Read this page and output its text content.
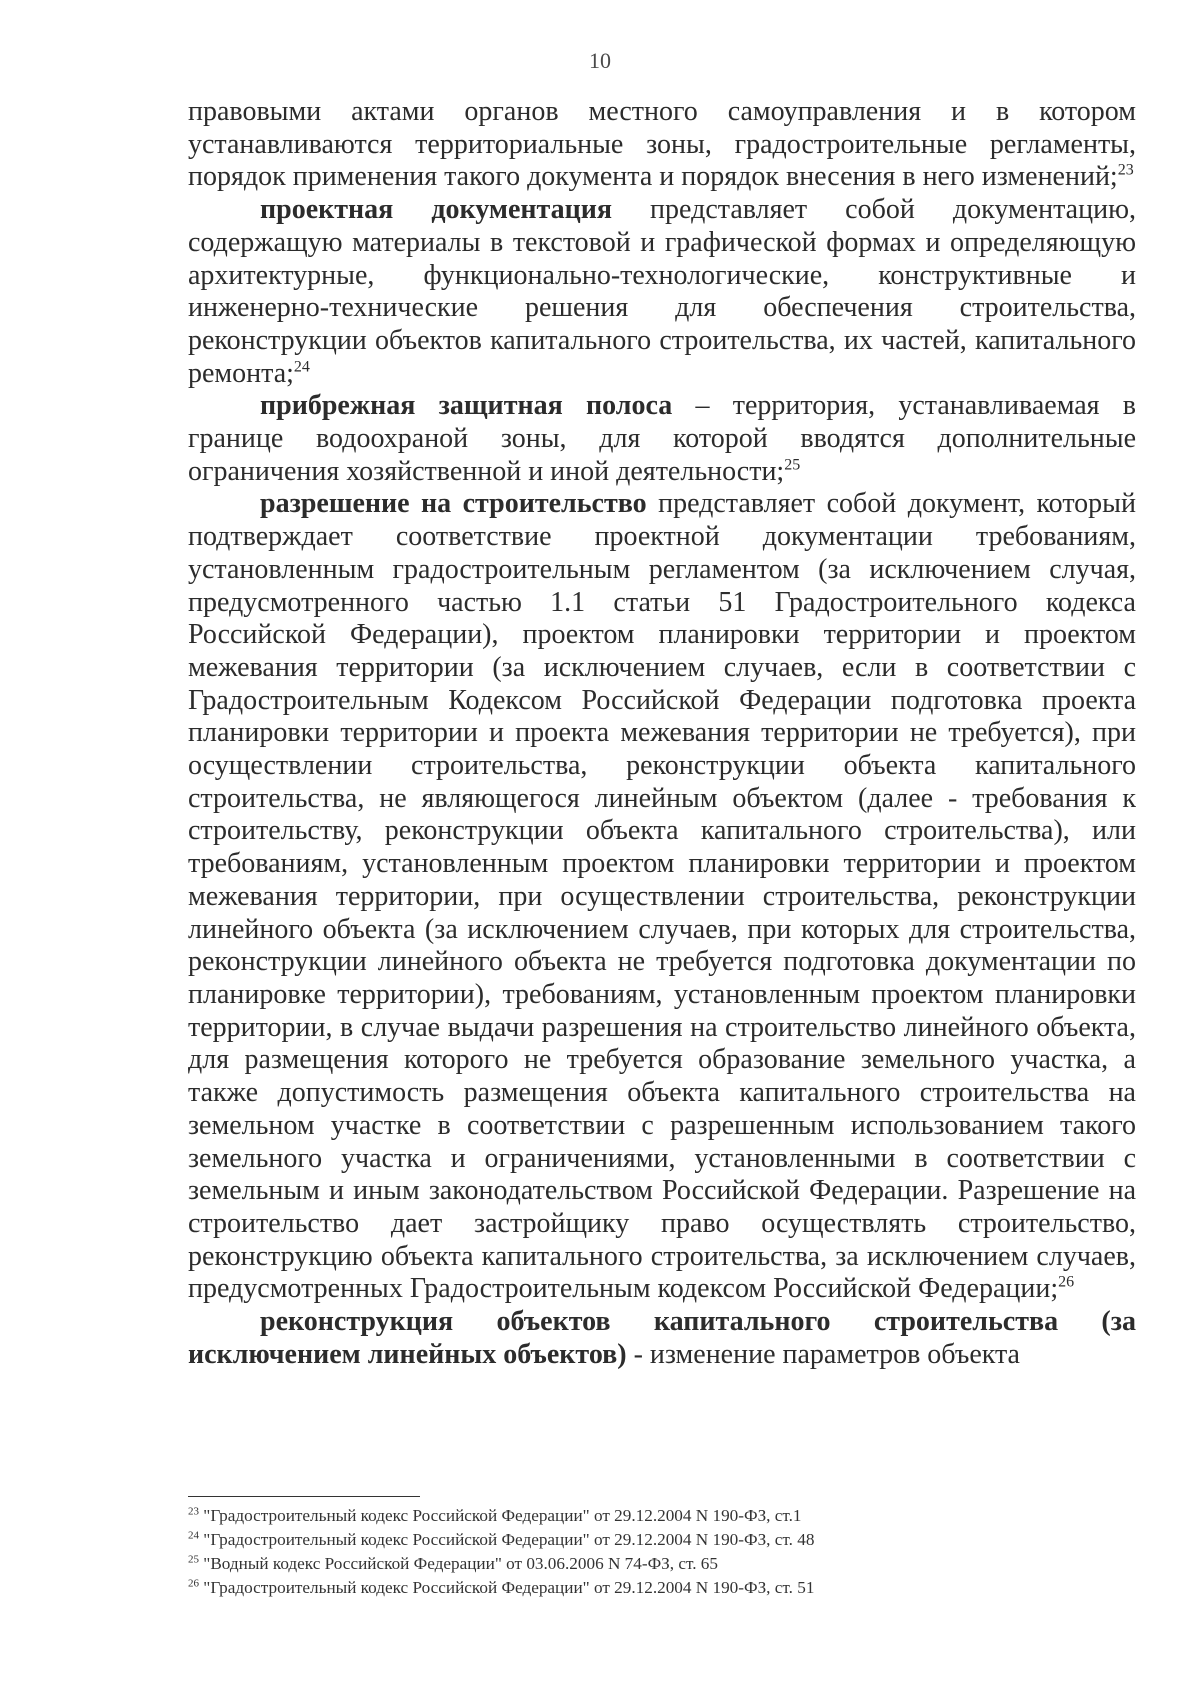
10

правовыми актами органов местного самоуправления и в котором устанавливаются территориальные зоны, градостроительные регламенты, порядок применения такого документа и порядок внесения в него изменений;$^{23}$

проектная документация представляет собой документацию, содержащую материалы в текстовой и графической формах и определяющую архитектурные, функционально-технологические, конструктивные и инженерно-технические решения для обеспечения строительства, реконструкции объектов капитального строительства, их частей, капитального ремонта;$^{24}$

прибрежная защитная полоса – территория, устанавливаемая в границе водоохраной зоны, для которой вводятся дополнительные ограничения хозяйственной и иной деятельности;$^{25}$

разрешение на строительство представляет собой документ, который подтверждает соответствие проектной документации требованиям, установленным градостроительным регламентом (за исключением случая, предусмотренного частью 1.1 статьи 51 Градостроительного кодекса Российской Федерации), проектом планировки территории и проектом межевания территории (за исключением случаев, если в соответствии с Градостроительным Кодексом Российской Федерации подготовка проекта планировки территории и проекта межевания территории не требуется), при осуществлении строительства, реконструкции объекта капитального строительства, не являющегося линейным объектом (далее - требования к строительству, реконструкции объекта капитального строительства), или требованиям, установленным проектом планировки территории и проектом межевания территории, при осуществлении строительства, реконструкции линейного объекта (за исключением случаев, при которых для строительства, реконструкции линейного объекта не требуется подготовка документации по планировке территории), требованиям, установленным проектом планировки территории, в случае выдачи разрешения на строительство линейного объекта, для размещения которого не требуется образование земельного участка, а также допустимость размещения объекта капитального строительства на земельном участке в соответствии с разрешенным использованием такого земельного участка и ограничениями, установленными в соответствии с земельным и иным законодательством Российской Федерации. Разрешение на строительство дает застройщику право осуществлять строительство, реконструкцию объекта капитального строительства, за исключением случаев, предусмотренных Градостроительным кодексом Российской Федерации;$^{26}$

реконструкция объектов капитального строительства (за исключением линейных объектов) - изменение параметров объекта

$^{23}$ "Градостроительный кодекс Российской Федерации" от 29.12.2004 N 190-ФЗ, ст.1

$^{24}$ "Градостроительный кодекс Российской Федерации" от 29.12.2004 N 190-ФЗ, ст. 48

$^{25}$ "Водный кодекс Российской Федерации" от 03.06.2006 N 74-ФЗ, ст. 65

$^{26}$ "Градостроительный кодекс Российской Федерации" от 29.12.2004 N 190-ФЗ, ст. 51
